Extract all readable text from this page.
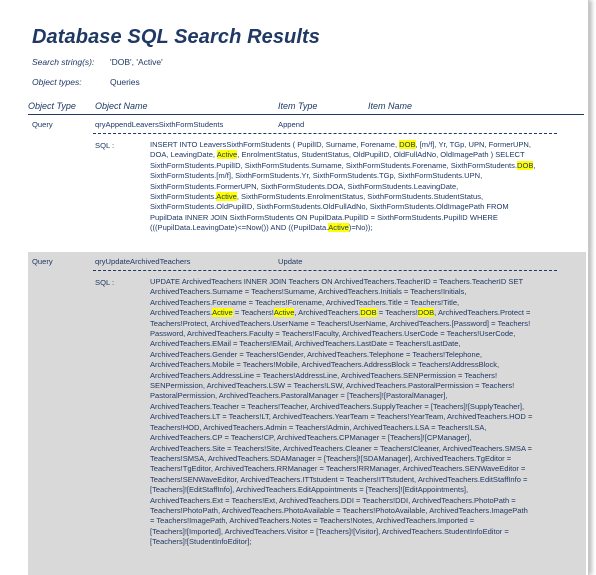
Database SQL Search Results
Search string(s): 'DOB', 'Active'
Object types:	Queries
Object Type Object Name	Item Type	Item Name
Query	qryAppendLeaversSixthFormStudents	Append
SQL :	INSERT INTO LeaversSixthFormStudents ( PupilID, Surname, Forename, DOB, [m/f], Yr, TGp, UPN, FormerUPN,
DOA, LeavingDate, Active, EnrolmentStatus, StudentStatus, OldPupilID, OldFullAdNo, OldImagePath ) SELECT
SixthFormStudents.PupilID, SixthFormStudents.Surname, SixthFormStudents.Forename, SixthFormStudents.DOB,
SixthFormStudents.[m/f], SixthFormStudents.Yr, SixthFormStudents.TGp, SixthFormStudents.UPN,
SixthFormStudents.FormerUPN, SixthFormStudents.DOA, SixthFormStudents.LeavingDate,
SixthFormStudents.Active, SixthFormStudents.EnrolmentStatus, SixthFormStudents.StudentStatus,
SixthFormStudents.OldPupilID, SixthFormStudents.OldFullAdNo, SixthFormStudents.OldImagePath FROM
PupilData INNER JOIN SixthFormStudents ON PupilData.PupilID = SixthFormStudents.PupilID WHERE
(((PupilData.LeavingDate)<=Now()) AND ((PupilData.Active)=No));
Query	qryUpdateArchivedTeachers	Update
SQL :	UPDATE ArchivedTeachers INNER JOIN Teachers ON ArchivedTeachers.TeacherID = Teachers.TeacherID SET
ArchivedTeachers.Surname = Teachers!Surname, ArchivedTeachers.Initials = Teachers!Initials,
ArchivedTeachers.Forename = Teachers!Forename, ArchivedTeachers.Title = Teachers!Title,
ArchivedTeachers.Active = Teachers!Active, ArchivedTeachers.DOB = Teachers!DOB, ArchivedTeachers.Protect =
Teachers!Protect, ArchivedTeachers.UserName = Teachers!UserName, ArchivedTeachers.[Password] = Teachers!
Password, ArchivedTeachers.Faculty = Teachers!Faculty, ArchivedTeachers.UserCode = Teachers!UserCode,
ArchivedTeachers.EMail = Teachers!EMail, ArchivedTeachers.LastDate = Teachers!LastDate,
ArchivedTeachers.Gender = Teachers!Gender, ArchivedTeachers.Telephone = Teachers!Telephone,
ArchivedTeachers.Mobile = Teachers!Mobile, ArchivedTeachers.AddressBlock = Teachers!AddressBlock,
ArchivedTeachers.AddressLine = Teachers!AddressLine, ArchivedTeachers.SENPermission = Teachers!
SENPermission, ArchivedTeachers.LSW = Teachers!LSW, ArchivedTeachers.PastoralPermission = Teachers!
PastoralPermission, ArchivedTeachers.PastoralManager = [Teachers]![PastoralManager],
ArchivedTeachers.Teacher = Teachers!Teacher, ArchivedTeachers.SupplyTeacher = [Teachers]![SupplyTeacher],
ArchivedTeachers.LT = Teachers!LT, ArchivedTeachers.YearTeam = Teachers!YearTeam, ArchivedTeachers.HOD =
Teachers!HOD, ArchivedTeachers.Admin = Teachers!Admin, ArchivedTeachers.LSA = Teachers!LSA,
ArchivedTeachers.CP = Teachers!CP, ArchivedTeachers.CPManager = [Teachers]![CPManager],
ArchivedTeachers.Site = Teachers!Site, ArchivedTeachers.Cleaner = Teachers!Cleaner, ArchivedTeachers.SMSA =
Teachers!SMSA, ArchivedTeachers.SDAManager = [Teachers]![SDAManager], ArchivedTeachers.TgEditor =
Teachers!TgEditor, ArchivedTeachers.RRManager = Teachers!RRManager, ArchivedTeachers.SENWaveEditor =
Teachers!SENWaveEditor, ArchivedTeachers.ITTstudent = Teachers!ITTstudent, ArchivedTeachers.EditStaffInfo =
[Teachers]![EditStaffInfo], ArchivedTeachers.EditAppointments = [Teachers]![EditAppointments],
ArchivedTeachers.Ext = Teachers!Ext, ArchivedTeachers.DDI = Teachers!DDI, ArchivedTeachers.PhotoPath =
Teachers!PhotoPath, ArchivedTeachers.PhotoAvailable = Teachers!PhotoAvailable, ArchivedTeachers.ImagePath
= Teachers!ImagePath, ArchivedTeachers.Notes = Teachers!Notes, ArchivedTeachers.Imported =
[Teachers]![Imported], ArchivedTeachers.Visitor = [Teachers]![Visitor], ArchivedTeachers.StudentInfoEditor =
[Teachers]![StudentInfoEditor];
